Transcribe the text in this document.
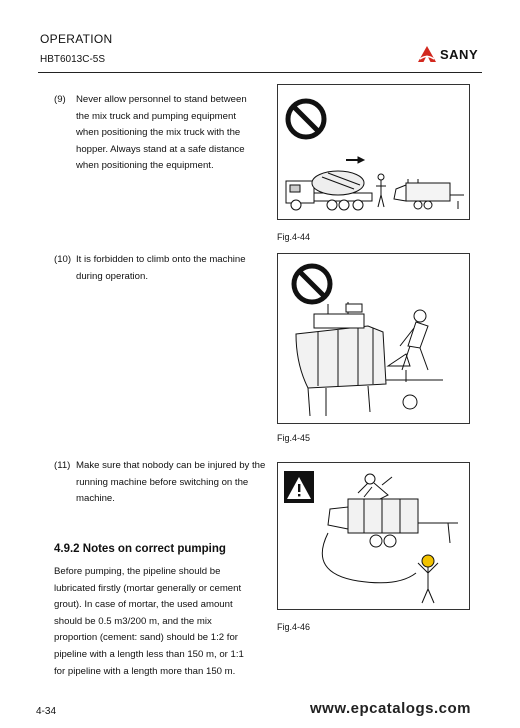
OPERATION
HBT6013C-5S	SANY
(9) Never allow personnel to stand between
the mix truck and pumping equipment
when positioning the mix truck with the
hopper. Always stand at a safe distance
when positioning the equipment.
Fig.4-44
(10) It is forbidden to climb onto the machine
during operation.
Fig.4-45
(11) Make sure that nobody can be injured by the
running machine before switching on the
machine.
Fig.4-46
4.9.2 Notes on correct pumping
Before pumping, the pipeline should be
lubricated firstly (mortar generally or cement
grout). In case of mortar, the used amount
should be 0.5 m3/200 m, and the mix
proportion (cement: sand) should be 1:2 for
pipeline with a length less than 150 m, or 1:1
for pipeline with a length more than 150 m.
4-34	www.epcatalogs.com
